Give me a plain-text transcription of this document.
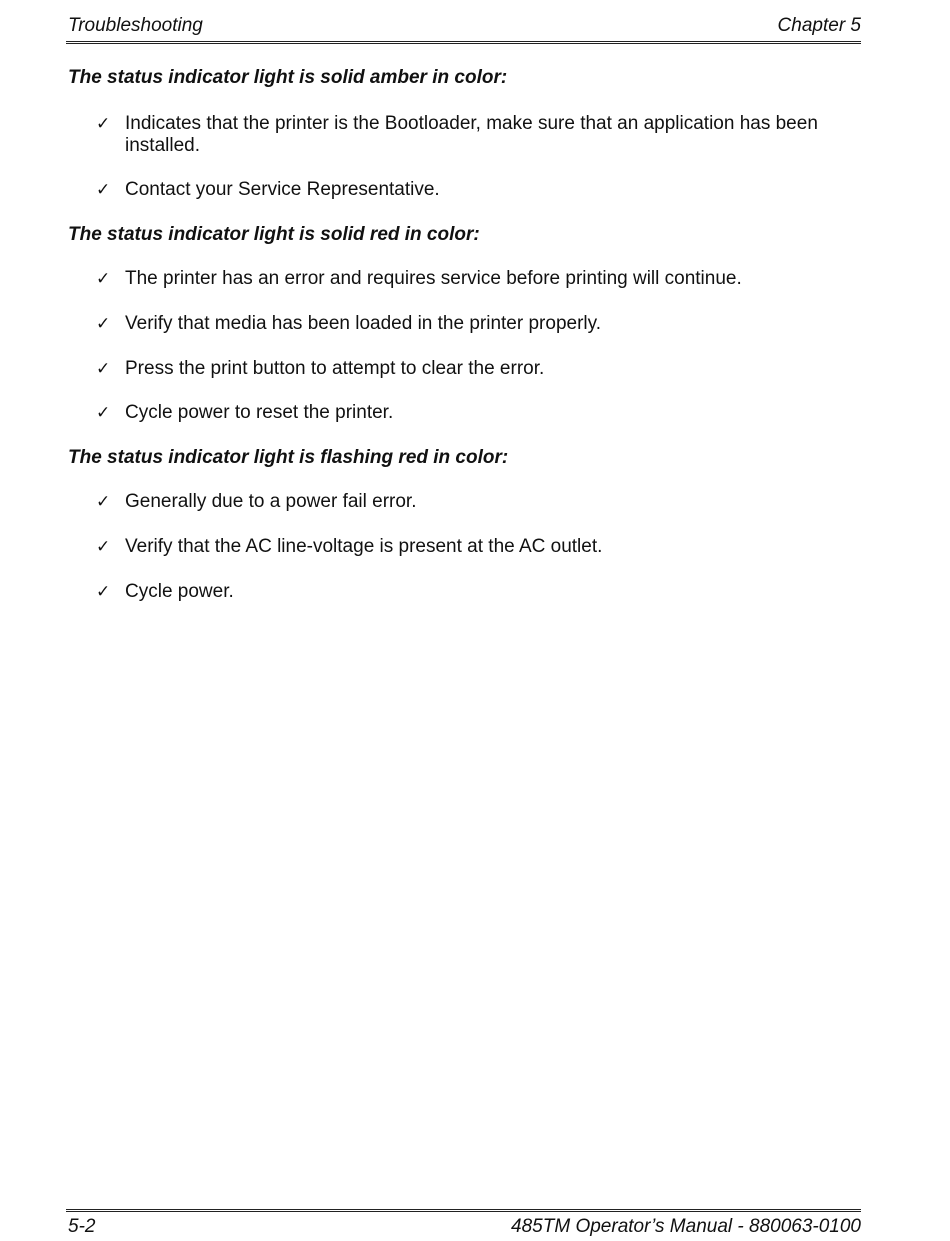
Troubleshooting	Chapter 5
The status indicator light is solid amber in color:
✓ Indicates that the printer is the Bootloader, make sure that an application has been installed.
✓ Contact your Service Representative.
The status indicator light is solid red in color:
✓ The printer has an error and requires service before printing will continue.
✓ Verify that media has been loaded in the printer properly.
✓ Press the print button to attempt to clear the error.
✓ Cycle power to reset the printer.
The status indicator light is flashing red in color:
✓ Generally due to a power fail error.
✓ Verify that the AC line-voltage is present at the AC outlet.
✓ Cycle power.
5-2	485TM Operator’s Manual - 880063-0100
